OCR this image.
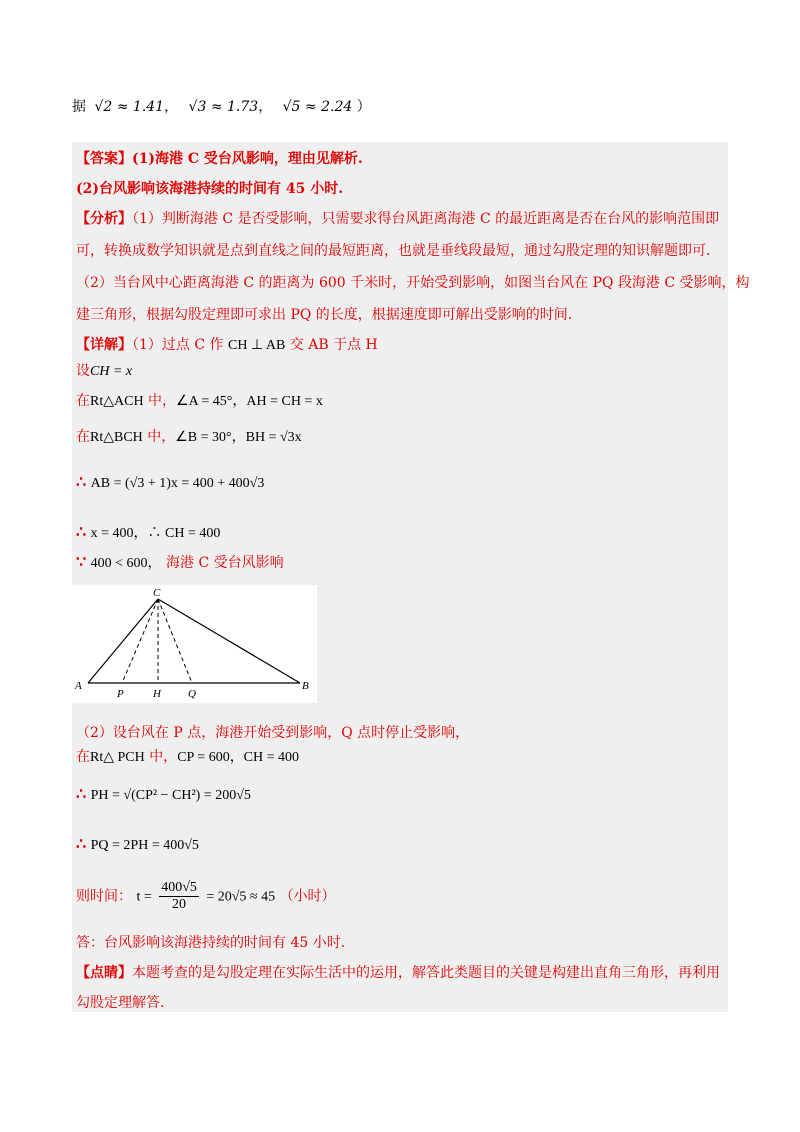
据 √2 ≈ 1.41， √3 ≈ 1.73， √5 ≈ 2.24 ）
【答案】(1)海港 C 受台风影响，理由见解析.
(2)台风影响该海港持续的时间有 45 小时.
【分析】（1）判断海港 C 是否受影响，只需要求得台风距离海港 C 的最近距离是否在台风的影响范围即
可，转换成数学知识就是点到直线之间的最短距离，也就是垂线段最短，通过勾股定理的知识解题即可.
（2）当台风中心距离海港 C 的距离为 600 千米时，开始受到影响，如图当台风在 PQ 段海港 C 受影响，构
建三角形，根据勾股定理即可求出 PQ 的长度，根据速度即可解出受影响的时间.
【详解】（1）过点 C 作 CH ⊥ AB 交 AB 于点 H
设CH = x
在Rt△ACH 中，∠A = 45°，AH = CH = x
在Rt△BCH 中，∠B = 30°，BH = √3x
∴ AB = (√3 + 1)x = 400 + 400√3
∴ x = 400，∴ CH = 400
∵ 400 < 600， 海港 C 受台风影响
C
A	B
P	H Q
（2）设台风在 P 点，海港开始受到影响，Q 点时停止受影响，
在Rt△ PCH 中，CP = 600，CH = 400
∴ PH = √(CP² − CH²) = 200√5
∴ PQ = 2PH = 400√5
则时间： $t = \frac{400√5}{20} = 20√5 \approx 45$ （小时）
答：台风影响该海港持续的时间有 45 小时.
【点睛】本题考查的是勾股定理在实际生活中的运用，解答此类题目的关键是构建出直角三角形，再利用
勾股定理解答.
